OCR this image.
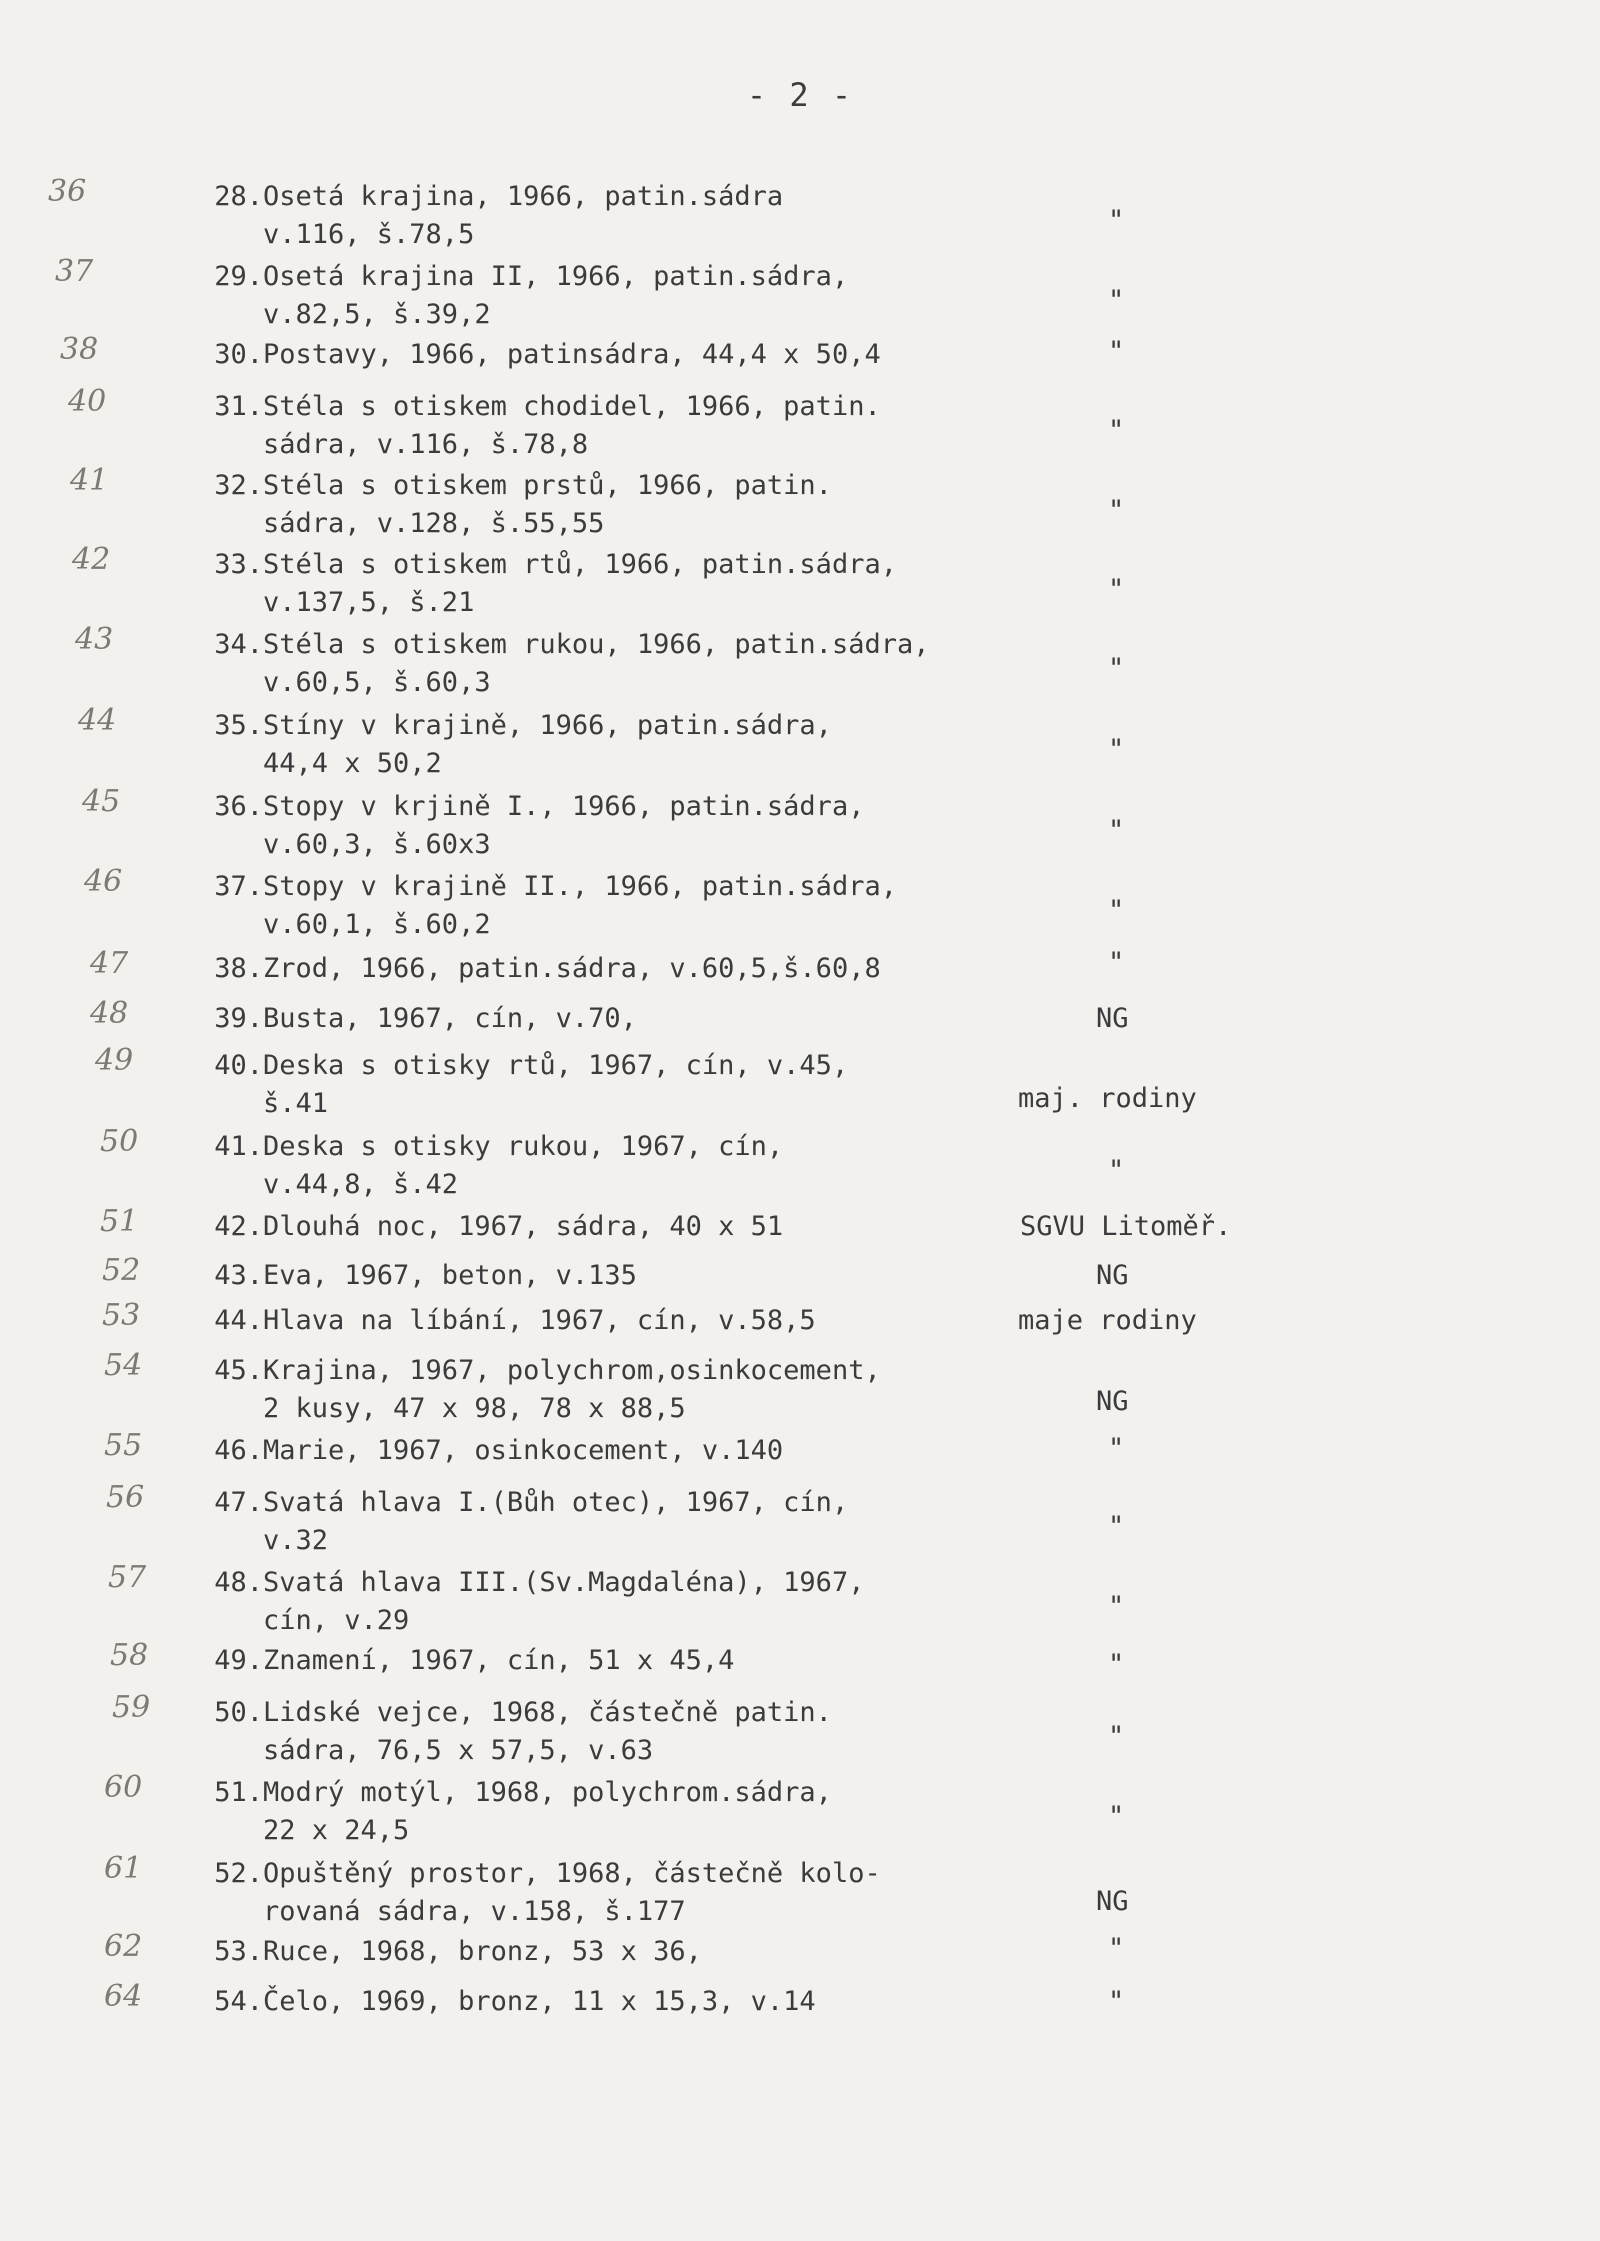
- 2 -
36	28. Osetá krajina, 1966, patin.sádra
v.116, š.78,5	"
37	29. Osetá krajina II, 1966, patin.sádra,
v.82,5, š.39,2	"
38	30. Postavy, 1966, patinsádra, 44,4 x 50,4	"
40	31. Stéla s otiskem chodidel, 1966, patin.
sádra, v.116, š.78,8	"
41	32. Stéla s otiskem prstů, 1966, patin.
sádra, v.128, š.55,55	"
42	33. Stéla s otiskem rtů, 1966, patin.sádra,
v.137,5, š.21	"
43	34. Stéla s otiskem rukou, 1966, patin.sádra,
v.60,5, š.60,3	"
44	35. Stíny v krajině, 1966, patin.sádra,
44,4 x 50,2	"
45	36. Stopy v krjině I., 1966, patin.sádra,
v.60,3, š.60x3	"
46	37. Stopy v krajině II., 1966, patin.sádra,
v.60,1, š.60,2	"
47	38. Zrod, 1966, patin.sádra, v.60,5,š.60,8	"
48	39. Busta, 1967, cín, v.70,	NG
49	40. Deska s otisky rtů, 1967, cín, v.45,
š.41	maj. rodiny
50	41. Deska s otisky rukou, 1967, cín,
v.44,8, š.42	"
51	42. Dlouhá noc, 1967, sádra, 40 x 51	SGVU Litoměř.
52	43. Eva, 1967, beton, v.135	NG
53	44. Hlava na líbání, 1967, cín, v.58,5	maje rodiny
54	45. Krajina, 1967, polychrom,osinkocement,
2 kusy, 47 x 98, 78 x 88,5	NG
55	46. Marie, 1967, osinkocement, v.140	"
56	47. Svatá hlava I.(Bůh otec), 1967, cín,
v.32	"
57	48. Svatá hlava III.(Sv.Magdaléna), 1967,
cín, v.29	"
58	49. Znamení, 1967, cín, 51 x 45,4	"
59	50. Lidské vejce, 1968, částečně patin.
sádra, 76,5 x 57,5, v.63	"
60	51. Modrý motýl, 1968, polychrom.sádra,
22 x 24,5	"
61	52. Opuštěný prostor, 1968, částečně kolo-
rovaná sádra, v.158, š.177	NG
62	53. Ruce, 1968, bronz, 53 x 36,	"
64	54. Čelo, 1969, bronz, 11 x 15,3, v.14	"
